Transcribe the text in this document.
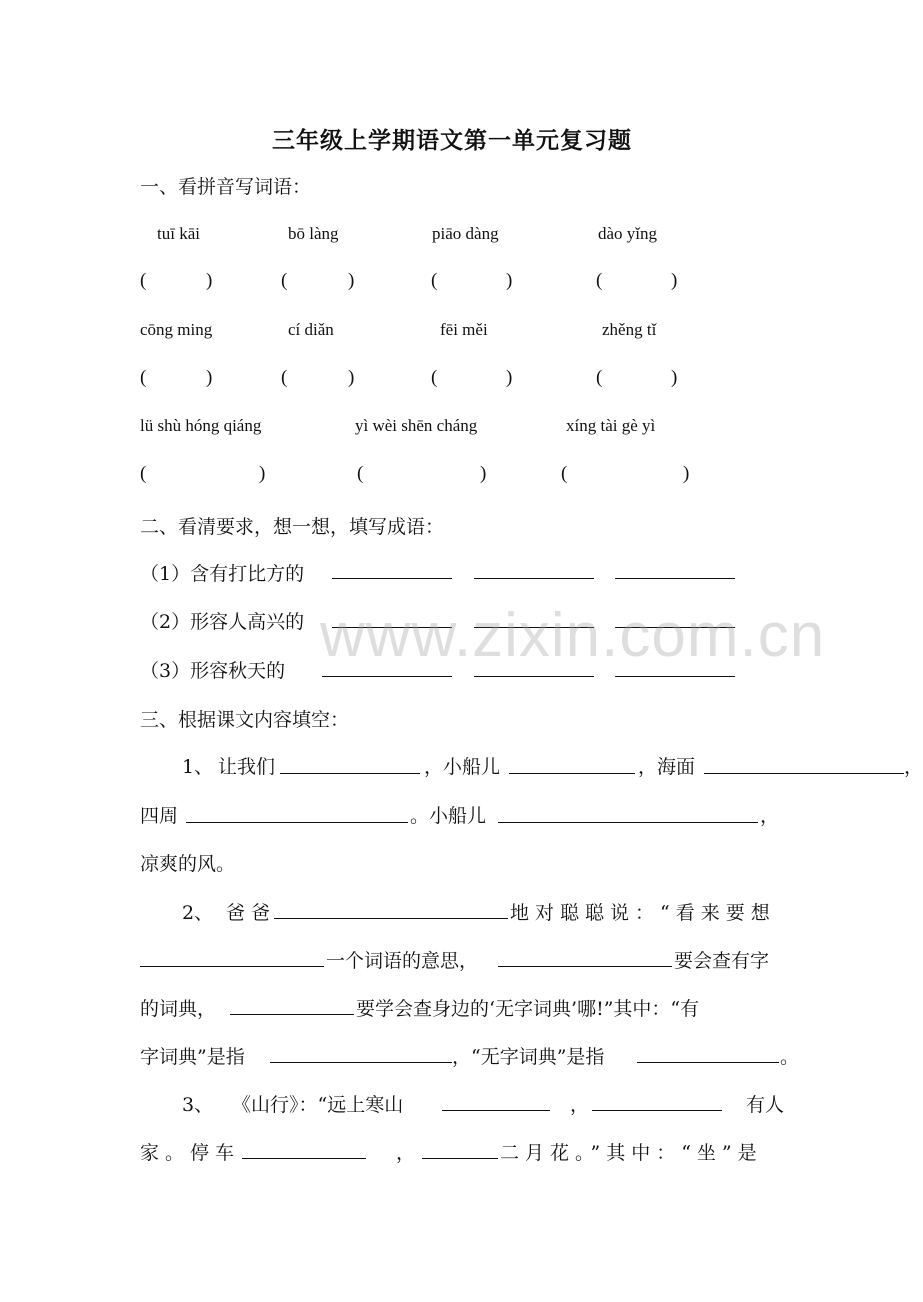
三年级上学期语文第一单元复习题
一、看拼音写词语：
tuī kāi	bō làng	piāo dàng	dào yǐng
(	)	(	)	(	)	(	)
cōng ming	cí diǎn	fēi měi	zhěng tǐ
(	)	(	)	(	)	(	)
lü shù hóng qiáng	yì wèi shēn cháng	xíng tài gè yì
(	)	(	)	(	)
二、看清要求，想一想，填写成语：
（1）含有打比方的
（2）形容人高兴的
（3）形容秋天的
www.zixin.com.cn
三、根据课文内容填空：
1、 让我们	，小船儿	，海面	，
四周	。小船儿	，
凉爽的风。
2、 爸爸	地对聪聪说：“看来要想
一个词语的意思，	要会查有字
的词典，	要学会查身边的‘无字词典’哪!”其中：“有
字词典”是指	，“无字词典”是指	。
3、 《山行》：“远上寒山	，	有人
家。停车	，	二月花。”其中：“坐”是
